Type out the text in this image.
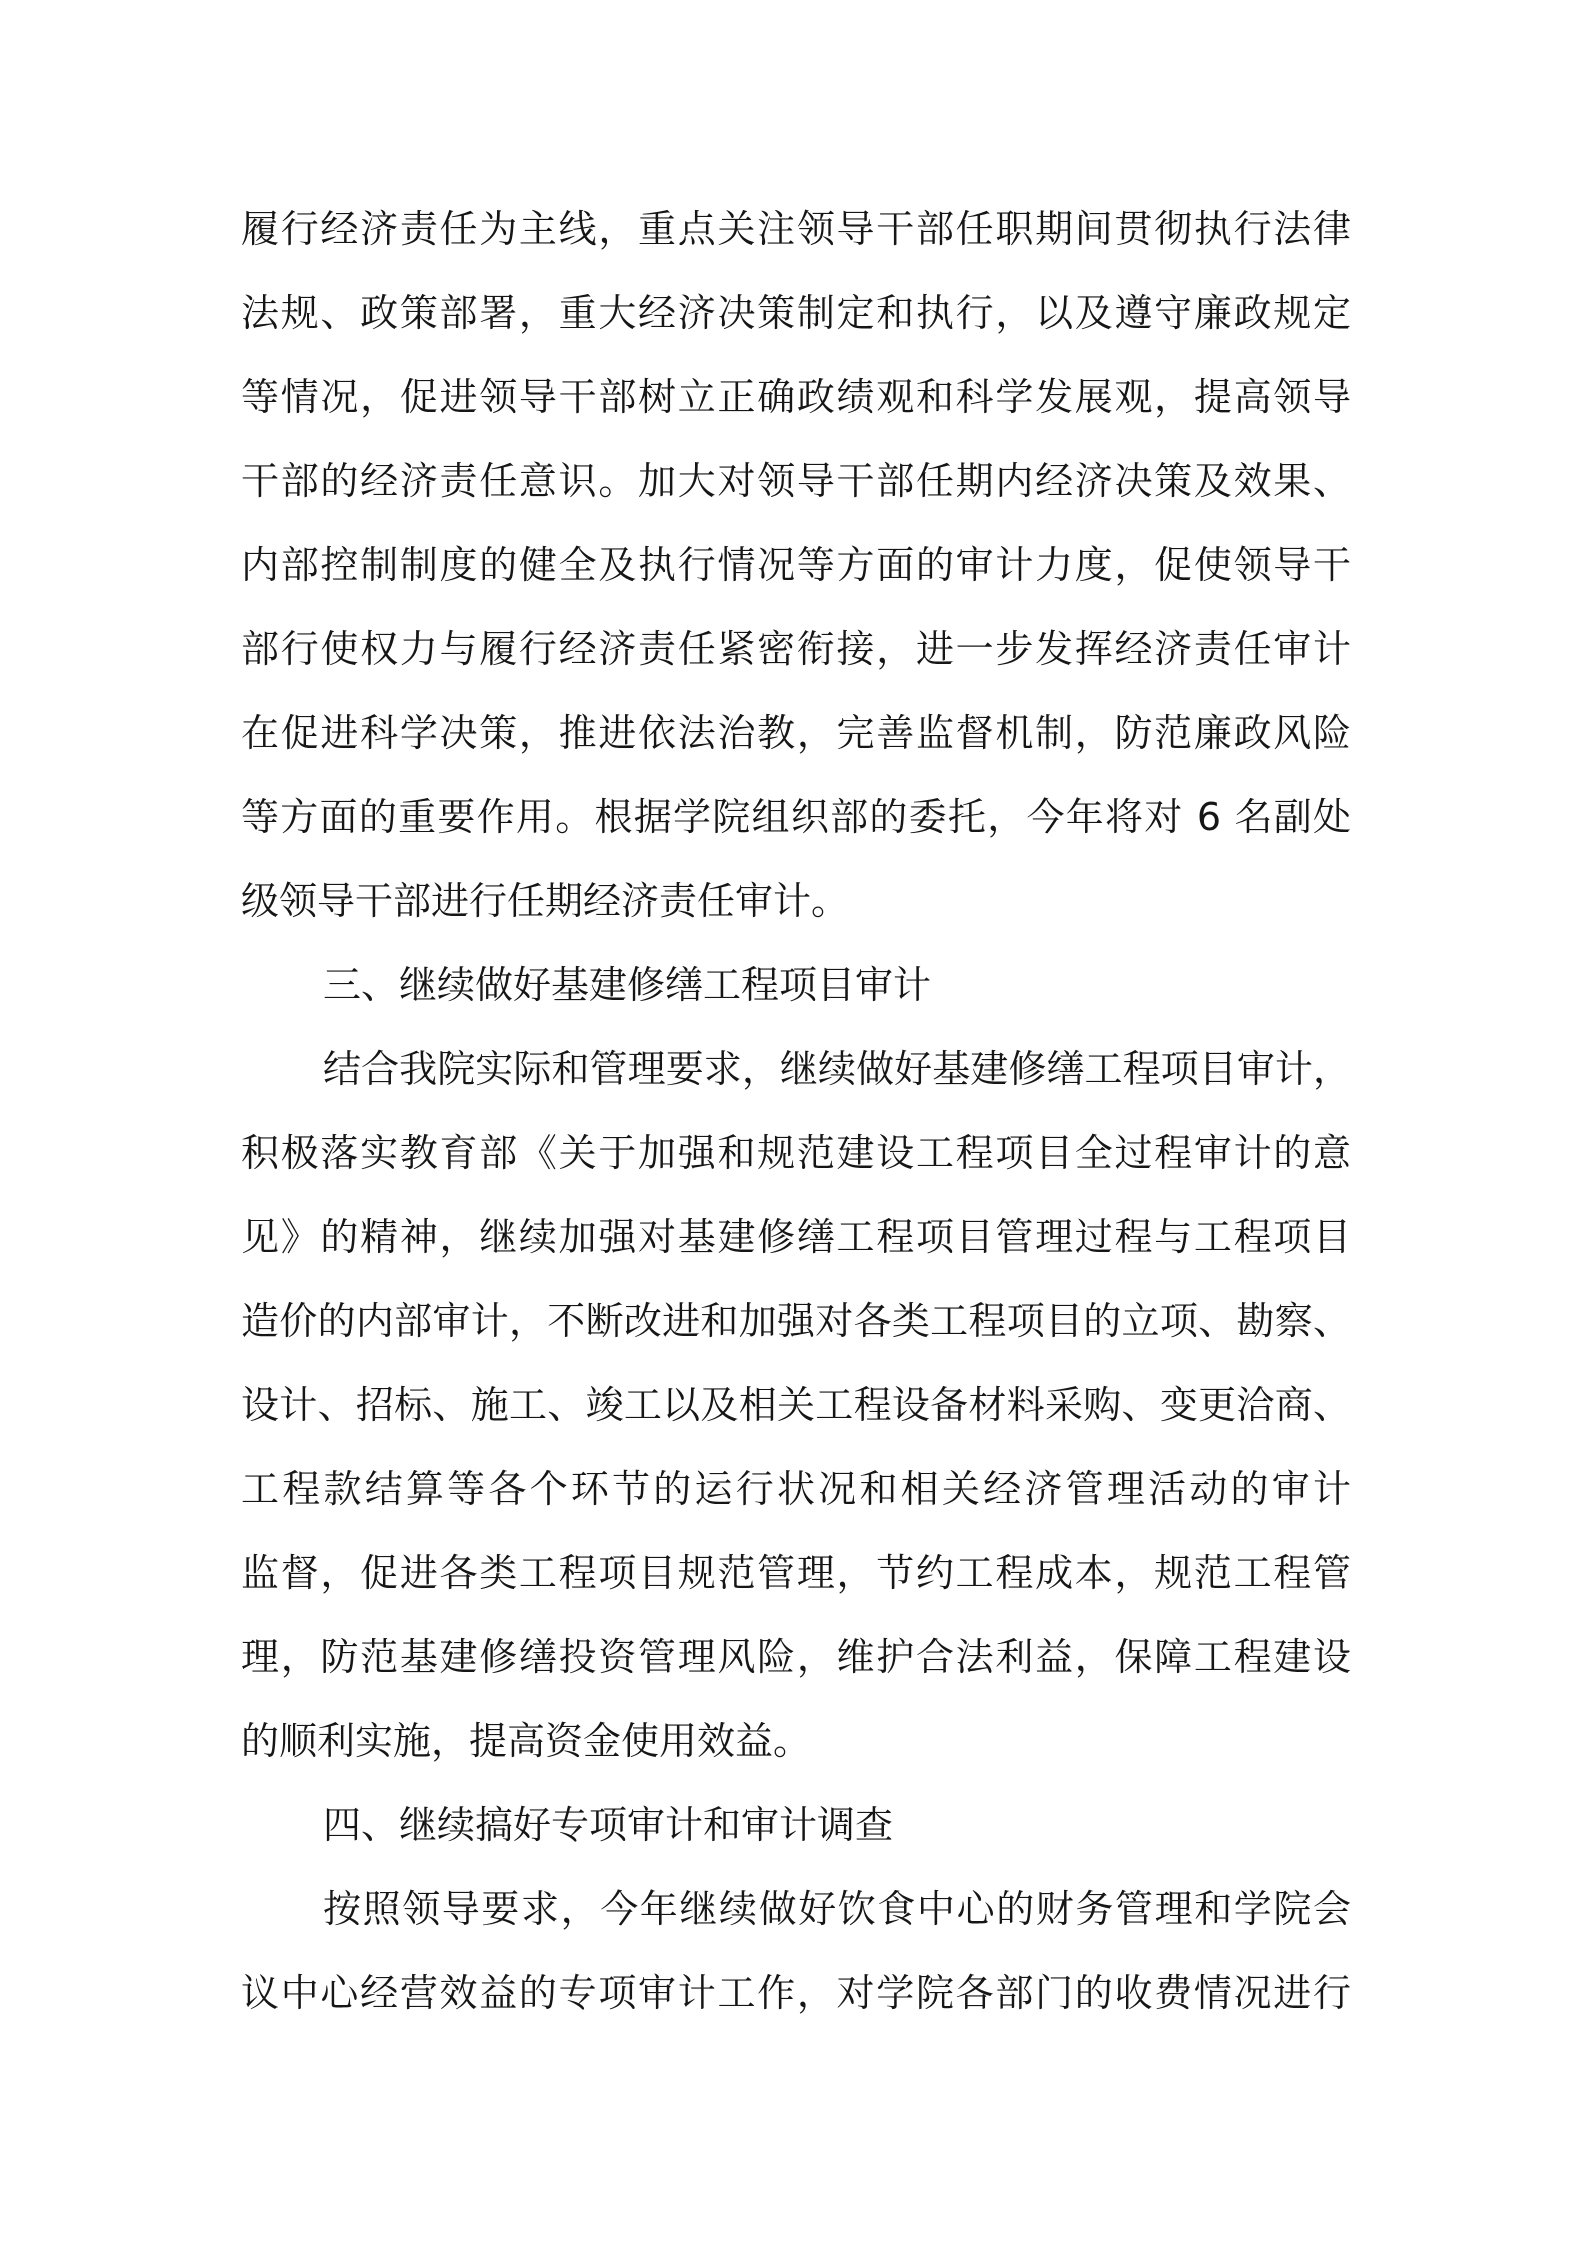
履行经济责任为主线，重点关注领导干部任职期间贯彻执行法律
法规、政策部署，重大经济决策制定和执行，以及遵守廉政规定
等情况，促进领导干部树立正确政绩观和科学发展观，提高领导
干部的经济责任意识。加大对领导干部任期内经济决策及效果、
内部控制制度的健全及执行情况等方面的审计力度，促使领导干
部行使权力与履行经济责任紧密衔接，进一步发挥经济责任审计
在促进科学决策，推进依法治教，完善监督机制，防范廉政风险
等方面的重要作用。根据学院组织部的委托，今年将对 6 名副处
级领导干部进行任期经济责任审计。
三、继续做好基建修缮工程项目审计
结合我院实际和管理要求，继续做好基建修缮工程项目审计，
积极落实教育部《关于加强和规范建设工程项目全过程审计的意
见》的精神，继续加强对基建修缮工程项目管理过程与工程项目
造价的内部审计，不断改进和加强对各类工程项目的立项、勘察、
设计、招标、施工、竣工以及相关工程设备材料采购、变更洽商、
工程款结算等各个环节的运行状况和相关经济管理活动的审计
监督，促进各类工程项目规范管理，节约工程成本，规范工程管
理，防范基建修缮投资管理风险，维护合法利益，保障工程建设
的顺利实施，提高资金使用效益。
四、继续搞好专项审计和审计调查
按照领导要求，今年继续做好饮食中心的财务管理和学院会
议中心经营效益的专项审计工作，对学院各部门的收费情况进行
